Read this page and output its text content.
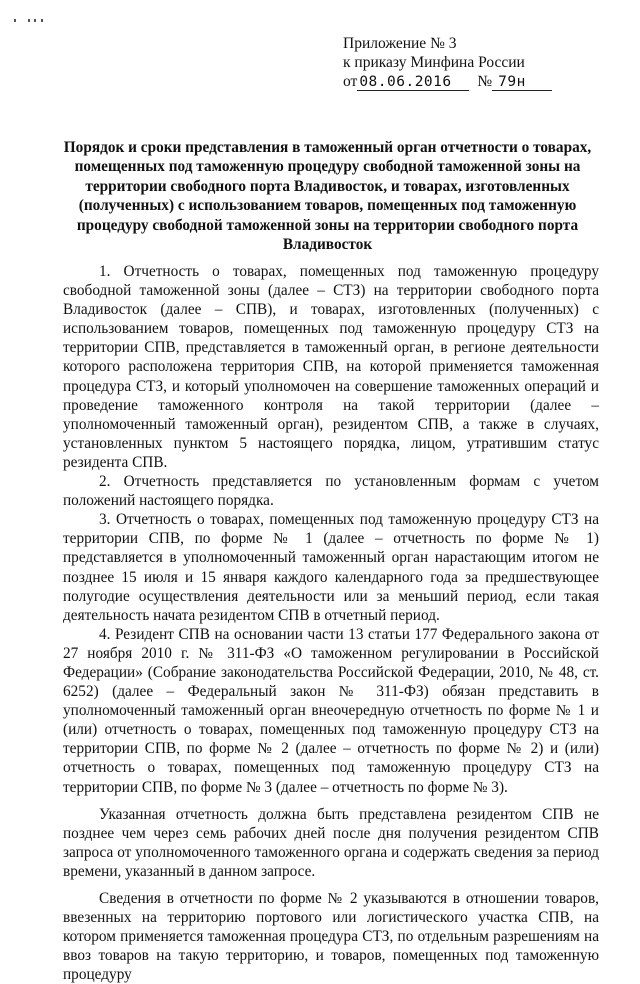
Приложение № 3
к приказу Минфина России
от 08.06.2016 № 79н
Порядок и сроки представления в таможенный орган отчетности о товарах, помещенных под таможенную процедуру свободной таможенной зоны на территории свободного порта Владивосток, и товарах, изготовленных (полученных) с использованием товаров, помещенных под таможенную процедуру свободной таможенной зоны на территории свободного порта Владивосток

1. Отчетность о товарах, помещенных под таможенную процедуру свободной таможенной зоны (далее – СТЗ) на территории свободного порта Владивосток (далее – СПВ), и товарах, изготовленных (полученных) с использованием товаров, помещенных под таможенную процедуру СТЗ на территории СПВ, представляется в таможенный орган, в регионе деятельности которого расположена территория СПВ, на которой применяется таможенная процедура СТЗ, и который уполномочен на совершение таможенных операций и проведение таможенного контроля на такой территории (далее – уполномоченный таможенный орган), резидентом СПВ, а также в случаях, установленных пунктом 5 настоящего порядка, лицом, утратившим статус резидента СПВ.

2. Отчетность представляется по установленным формам с учетом положений настоящего порядка.

3. Отчетность о товарах, помещенных под таможенную процедуру СТЗ на территории СПВ, по форме № 1 (далее – отчетность по форме № 1) представляется в уполномоченный таможенный орган нарастающим итогом не позднее 15 июля и 15 января каждого календарного года за предшествующее полугодие осуществления деятельности или за меньший период, если такая деятельность начата резидентом СПВ в отчетный период.

4. Резидент СПВ на основании части 13 статьи 177 Федерального закона от 27 ноября 2010 г. № 311-ФЗ «О таможенном регулировании в Российской Федерации» (Собрание законодательства Российской Федерации, 2010, № 48, ст. 6252) (далее – Федеральный закон № 311-ФЗ) обязан представить в уполномоченный таможенный орган внеочередную отчетность по форме № 1 и (или) отчетность о товарах, помещенных под таможенную процедуру СТЗ на территории СПВ, по форме № 2 (далее – отчетность по форме № 2) и (или) отчетность о товарах, помещенных под таможенную процедуру СТЗ на территории СПВ, по форме № 3 (далее – отчетность по форме № 3).

Указанная отчетность должна быть представлена резидентом СПВ не позднее чем через семь рабочих дней после дня получения резидентом СПВ запроса от уполномоченного таможенного органа и содержать сведения за период времени, указанный в данном запросе.

Сведения в отчетности по форме № 2 указываются в отношении товаров, ввезенных на территорию портового или логистического участка СПВ, на котором применяется таможенная процедура СТЗ, по отдельным разрешениям на ввоз товаров на такую территорию, и товаров, помещенных под таможенную процедуру
